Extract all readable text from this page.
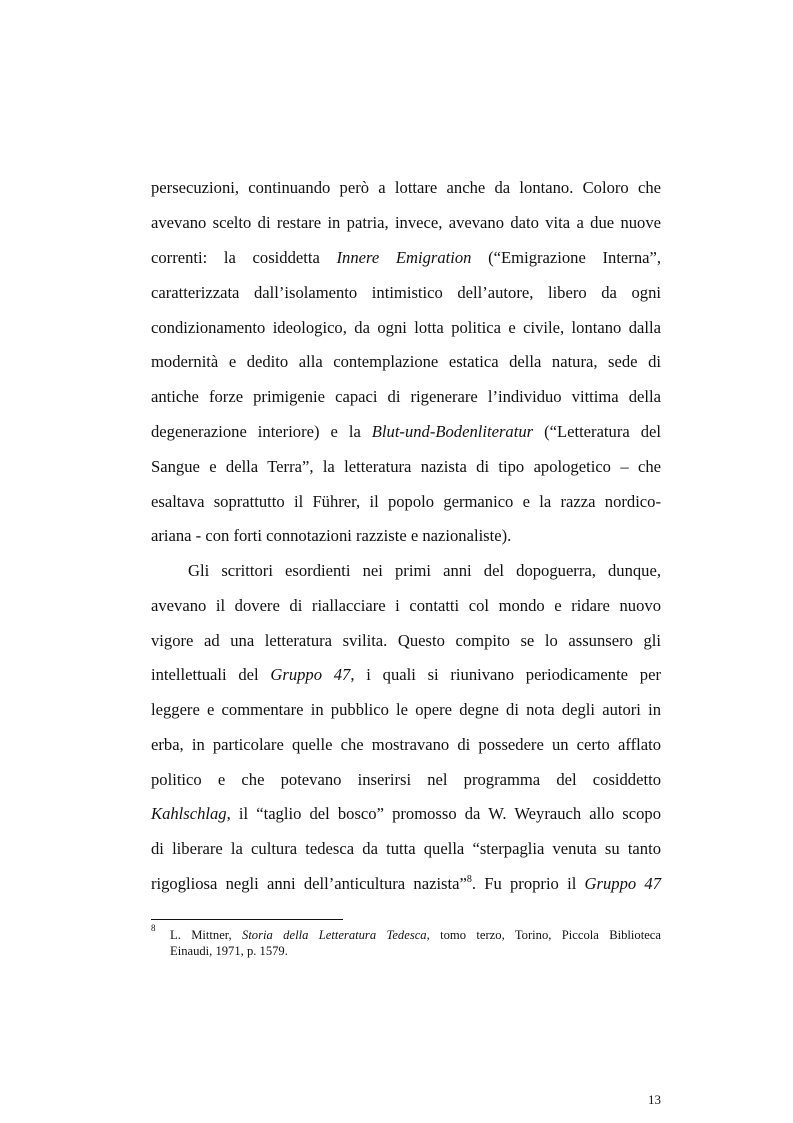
persecuzioni, continuando però a lottare anche da lontano. Coloro che
avevano scelto di restare in patria, invece, avevano dato vita a due nuove
correnti: la cosiddetta Innere Emigration (“Emigrazione Interna”,
caratterizzata dall’isolamento intimistico dell’autore, libero da ogni
condizionamento ideologico, da ogni lotta politica e civile, lontano dalla
modernità e dedito alla contemplazione estatica della natura, sede di
antiche forze primigenie capaci di rigenerare l’individuo vittima della
degenerazione interiore) e la Blut-und-Bodenliteratur (“Letteratura del
Sangue e della Terra”, la letteratura nazista di tipo apologetico – che
esaltava soprattutto il Führer, il popolo germanico e la razza nordico-
ariana - con forti connotazioni razziste e nazionaliste).
Gli scrittori esordienti nei primi anni del dopoguerra, dunque,
avevano il dovere di riallacciare i contatti col mondo e ridare nuovo
vigore ad una letteratura svilita. Questo compito se lo assunsero gli
intellettuali del Gruppo 47, i quali si riunivano periodicamente per
leggere e commentare in pubblico le opere degne di nota degli autori in
erba, in particolare quelle che mostravano di possedere un certo afflato
politico e che potevano inserirsi nel programma del cosiddetto
Kahlschlag, il “taglio del bosco” promosso da W. Weyrauch allo scopo
di liberare la cultura tedesca da tutta quella “sterpaglia venuta su tanto
rigogliosa negli anni dell’anticultura nazista”$^8$. Fu proprio il Gruppo 47
8 L. Mittner, Storia della Letteratura Tedesca, tomo terzo, Torino, Piccola Biblioteca
Einaudi, 1971, p. 1579.
13
